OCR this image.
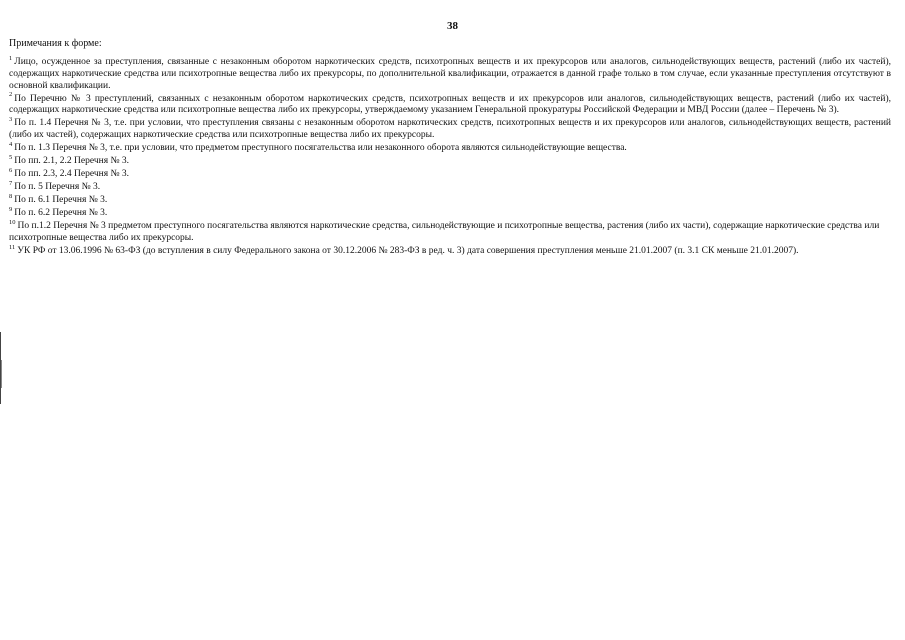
38
Примечания к форме:

$^1$ Лицо, осужденное за преступления, связанные с незаконным оборотом наркотических средств, психотропных веществ и их прекурсоров или аналогов, сильнодействующих веществ, растений (либо их частей), содержащих наркотические средства или психотропные вещества либо их прекурсоры, по дополнительной квалификации, отражается в данной графе только в том случае, если указанные преступления отсутствуют в основной квалификации.

$^2$ По Перечню № 3 преступлений, связанных с незаконным оборотом наркотических средств, психотропных веществ и их прекурсоров или аналогов, сильнодействующих веществ, растений (либо их частей), содержащих наркотические средства или психотропные вещества либо их прекурсоры, утверждаемому указанием Генеральной прокуратуры Российской Федерации и МВД России (далее – Перечень № 3).

$^3$ По п. 1.4 Перечня № 3, т.е. при условии, что преступления связаны с незаконным оборотом наркотических средств, психотропных веществ и их прекурсоров или аналогов, сильнодействующих веществ, растений (либо их частей), содержащих наркотические средства или психотропные вещества либо их прекурсоры.

$^4$ По п. 1.3 Перечня № 3, т.е. при условии, что предметом преступного посягательства или незаконного оборота являются сильнодействующие вещества.

$^5$ По пп. 2.1, 2.2 Перечня № 3.

$^6$ По пп. 2.3, 2.4 Перечня № 3.

$^7$ По п. 5 Перечня № 3.

$^8$ По п. 6.1 Перечня № 3.

$^9$ По п. 6.2 Перечня № 3.

$^{10}$ По п.1.2 Перечня № 3 предметом преступного посягательства являются наркотические средства, сильнодействующие и психотропные вещества, растения (либо их части), содержащие наркотические средства или психотропные вещества либо их прекурсоры.

$^{11}$ УК РФ от 13.06.1996 № 63-ФЗ (до вступления в силу Федерального закона от 30.12.2006 № 283-ФЗ в ред. ч. 3) дата совершения преступления меньше 21.01.2007 (п. 3.1 СК меньше 21.01.2007).
